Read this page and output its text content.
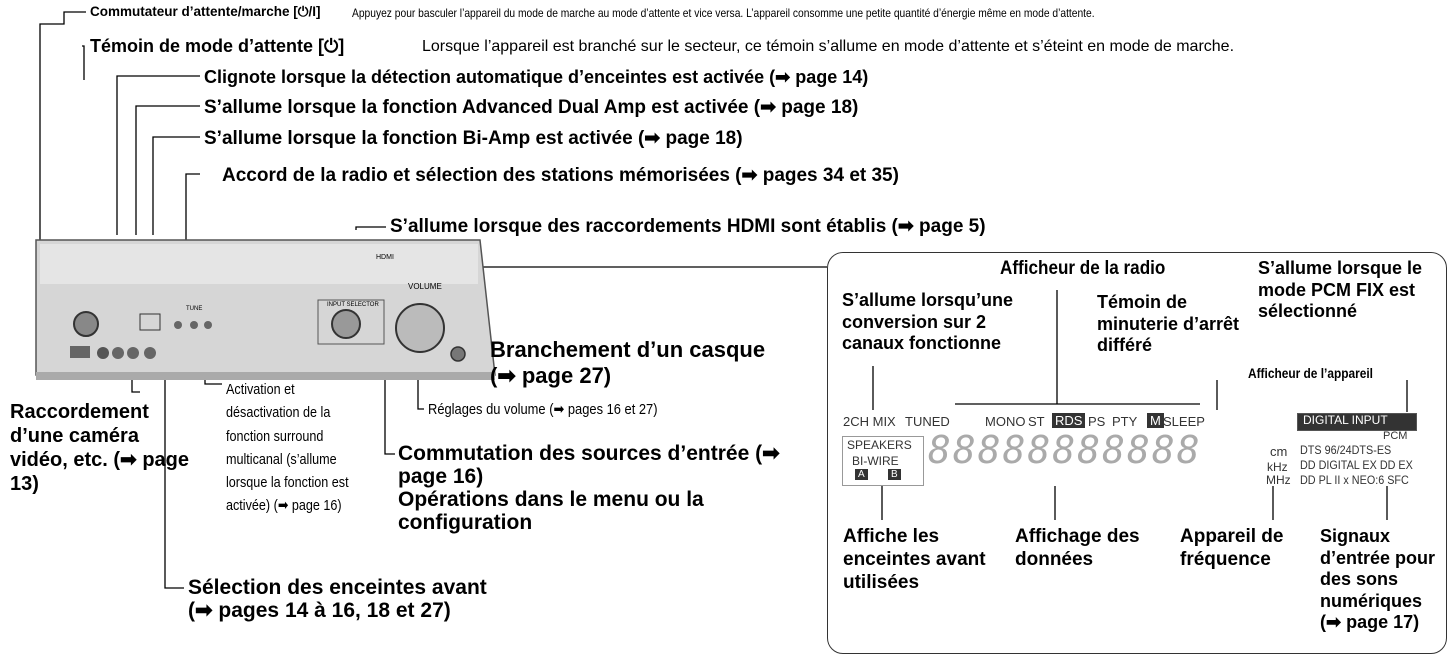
Commutateur d’attente/marche [⏻/I]	Appuyez pour basculer l’appareil du mode de marche au mode d’attente et vice versa. L’appareil consomme une petite quantité d’énergie même en mode d’attente.
Témoin de mode d’attente [⏻]	Lorsque l’appareil est branché sur le secteur, ce témoin s’allume en mode d’attente et s’éteint en mode de marche.
Clignote lorsque la détection automatique d’enceintes est activée (➡ page 14)
S’allume lorsque la fonction Advanced Dual Amp est activée (➡ page 18)
S’allume lorsque la fonction Bi-Amp est activée (➡ page 18)
Accord de la radio et sélection des stations mémorisées (➡ pages 34 et 35)
S’allume lorsque des raccordements HDMI sont établis (➡ page 5)
HDMI
VOLUME
INPUT SELECTOR
TUNE
Branchement d’un casque
(➡ page 27)
Réglages du volume (➡ pages 16 et 27)
Activation et désactivation de la fonction surround multicanal (s’allume lorsque la fonction est activée) (➡ page 16)
Commutation des sources d’entrée (➡ page 16)
Opérations dans le menu ou la configuration
Raccordement d’une caméra vidéo, etc. (➡ page 13)
Sélection des enceintes avant
(➡ pages 14 à 16, 18 et 27)
Afficheur de la radio	S’allume lorsque le mode PCM FIX est sélectionné
S’allume lorsqu’une conversion sur 2 canaux fonctionne
Témoin de minuterie d’arrêt différé
Afficheur de l’appareil
2CH MIX TUNED	MONO ST RDS PS PTY M SLEEP
SPEAKERS
BI-WIRE
A	B
88888888888	cm
kHz
MHz
DIGITAL INPUT
PCM
DTS 96/24DTS-ES
DD DIGITAL EX DD EX
DD PL II x NEO:6 SFC
Affiche les enceintes avant utilisées
Affichage des données
Appareil de fréquence
Signaux d’entrée pour des sons numériques (➡ page 17)
